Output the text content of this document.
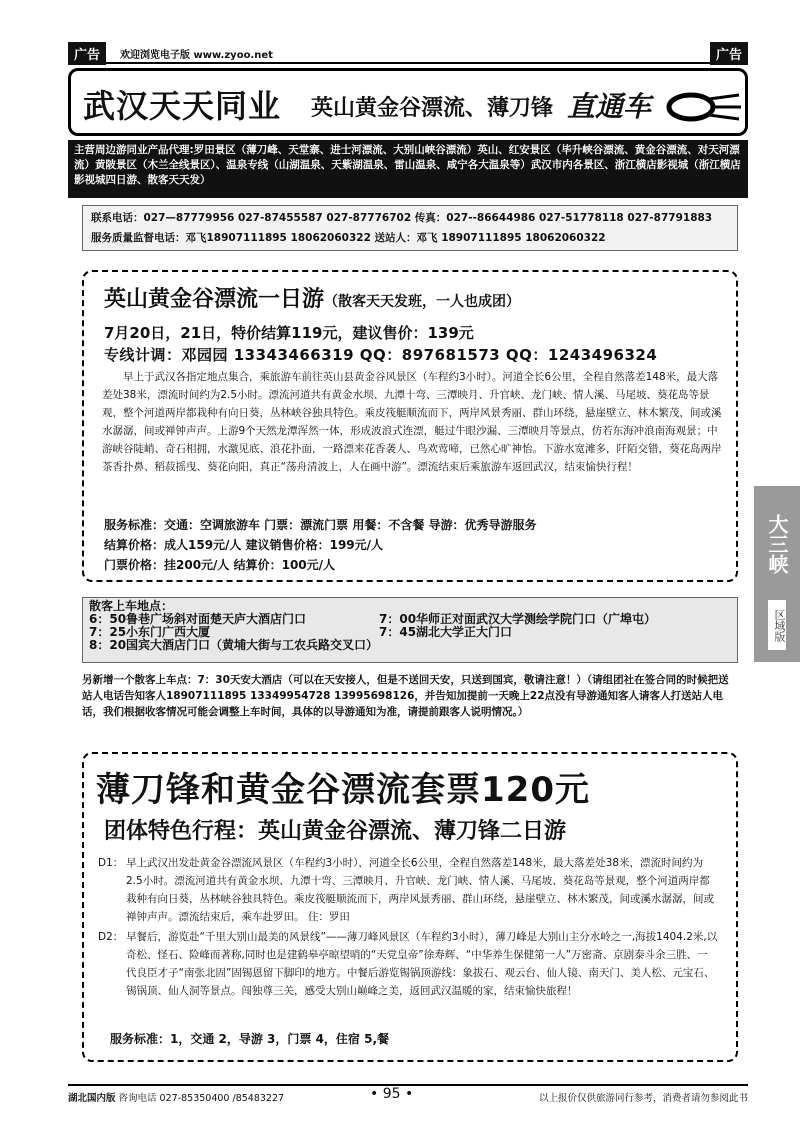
广告	欢迎浏览电子版 www.zyoo.net	广告
武汉天天同业 英山黄金谷漂流、薄刀锋 直通车
主营周边游同业产品代理:罗田景区（薄刀峰、天堂寨、进士河漂流、大别山峡谷漂流）英山、红安景区（毕升峡谷漂流、黄金谷漂流、对天河漂流）黄陂景区（木兰全线景区）、温泉专线（山湖温泉、天紫湖温泉、雷山温泉、咸宁各大温泉等）武汉市内各景区、浙江横店影视城（浙江横店影视城四日游、散客天天发）
联系电话：027—87779956 027-87455587 027-87776702 传真：027--86644986 027-51778118 027-87791883
服务质量监督电话：邓飞18907111895 18062060322 送站人：邓飞 18907111895 18062060322
英山黄金谷漂流一日游（散客天天发班，一人也成团）
7月20日，21日，特价结算119元，建议售价：139元
专线计调：邓园园 13343466319 QQ：897681573 QQ：1243496324
早上于武汉各指定地点集合，乘旅游车前往英山县黄金谷风景区（车程约3小时）。河道全长6公里，全程自然落差148米，最大落差处38米，漂流时间约为2.5小时。漂流河道共有黄金水坝、九潭十弯、三潭映月、升官峡、龙门峡、情人溪、马尾坡、葵花岛等景观，整个河道两岸都栽种有向日葵，丛林峡谷独具特色。乘皮筏艇顺流而下，两岸风景秀丽、群山环绕，悬崖壁立、林木繁茂，间或溪水潺潺，间或禅钟声声。上游9个天然龙潭浑然一体，形成波浪式连漂，艇过牛眼沙漏、三潭映月等景点，仿若东海冲浪南海观景；中游峡谷陡峭、奇石相拥，水激见底、浪花扑面，一路漂来花香袭人、鸟欢莺啼，已然心旷神怡。下游水宽滩多，阡陌交错，葵花岛两岸茶香扑鼻、稻菽摇曳、葵花向阳，真正“荡舟清波上，人在画中游”。漂流结束后乘旅游车返回武汉，结束愉快行程！
服务标准：交通：空调旅游车 门票：漂流门票 用餐：不含餐 导游：优秀导游服务
结算价格：成人159元/人 建议销售价格：199元/人
门票价格：挂200元/人 结算价：100元/人
散客上车地点：
6：50鲁巷广场斜对面楚天庐大酒店门口	7：00华师正对面武汉大学测绘学院门口（广埠屯）
7：25小东门广西大厦	7：45湖北大学正大门口
8：20国宾大酒店门口（黄埔大街与工农兵路交叉口）
另新增一个散客上车点：7：30天安大酒店（可以在天安接人，但是不送回天安，只送到国宾，敬请注意！）（请组团社在签合同的时候把送站人电话告知客人18907111895 13349954728 13995698126，并告知加提前一天晚上22点没有导游通知客人请客人打送站人电话，我们根据收客情况可能会调整上车时间，具体的以导游通知为准，请提前跟客人说明情况。）
薄刀锋和黄金谷漂流套票120元
团体特色行程：英山黄金谷漂流、薄刀锋二日游
D1： 早上武汉出发赴黄金谷漂流风景区（车程约3小时），河道全长6公里，全程自然落差148米，最大落差处38米，漂流时间约为2.5小时。漂流河道共有黄金水坝、九潭十弯、三潭映月、升官峡、龙门峡、情人溪、马尾坡、葵花岛等景观，整个河道两岸都栽种有向日葵，丛林峡谷独具特色。乘皮筏艇顺流而下，两岸风景秀丽、群山环绕，悬崖壁立、林木繁茂，间或溪水潺潺，间或禅钟声声。漂流结束后，乘车赴罗田。 住：罗田
D2： 早餐后，游览赴“千里大别山最美的风景线”——薄刀峰风景区（车程约3小时），薄刀峰是大别山主分水岭之一,海拔1404.2米,以奇松、怪石、险峰而著称,同时也是建鹤皋亭晾望哨的“天党皇帝”徐寿辉、“中华养生保健第一人”万密斋、京剧泰斗余三胜、一代良臣才子“南张北固”固锡恩留下脚印的地方。中餐后游览锡锅顶游线：象拔石、观云台、仙人镜、南天门、美人松、元宝石、锡锅顶、仙人洞等景点。闯独尊三关，感受大别山巅峰之美，返回武汉温暖的家，结束愉快旅程！
服务标准：1，交通 2，导游 3，门票 4，住宿 5,餐
大三峡
区域版
湖北国内版 咨询电话 027-85350400 /85483227	• 95 •	以上报价仅供旅游同行参考，消费者请勿参阅此书
